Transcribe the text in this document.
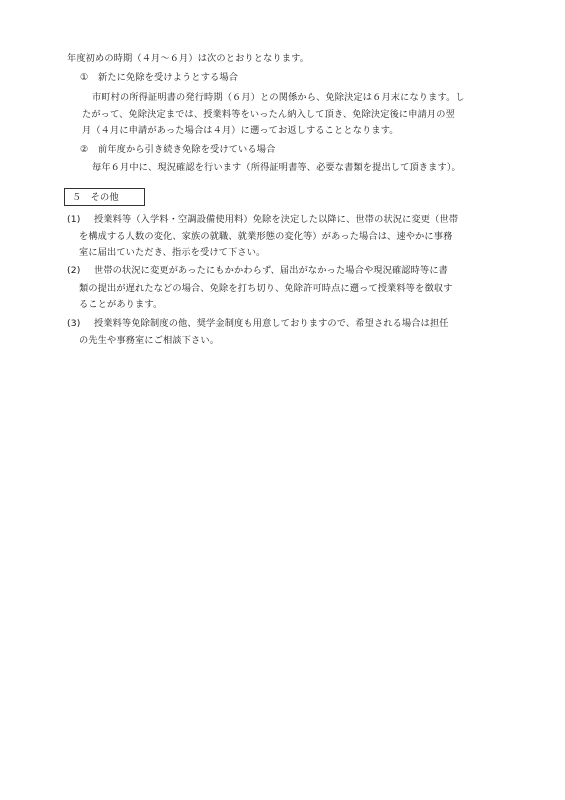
年度初めの時期（４月～６月）は次のとおりとなります。
① 新たに免除を受けようとする場合
市町村の所得証明書の発行時期（６月）との関係から、免除決定は６月末になります。し
たがって、免除決定までは、授業料等をいったん納入して頂き、免除決定後に申請月の翌
月（４月に申請があった場合は４月）に遡ってお返しすることとなります。
② 前年度から引き続き免除を受けている場合
毎年６月中に、現況確認を行います（所得証明書等、必要な書類を提出して頂きます）。
５　その他
(1) 授業料等（入学料・空調設備使用料）免除を決定した以降に、世帯の状況に変更（世帯
を構成する人数の変化、家族の就職、就業形態の変化等）があった場合は、速やかに事務
室に届出ていただき、指示を受けて下さい。
(2) 世帯の状況に変更があったにもかかわらず、届出がなかった場合や現況確認時等に書
類の提出が遅れたなどの場合、免除を打ち切り、免除許可時点に遡って授業料等を徴収す
ることがあります。
(3) 授業料等免除制度の他、奨学金制度も用意しておりますので、希望される場合は担任
の先生や事務室にご相談下さい。
